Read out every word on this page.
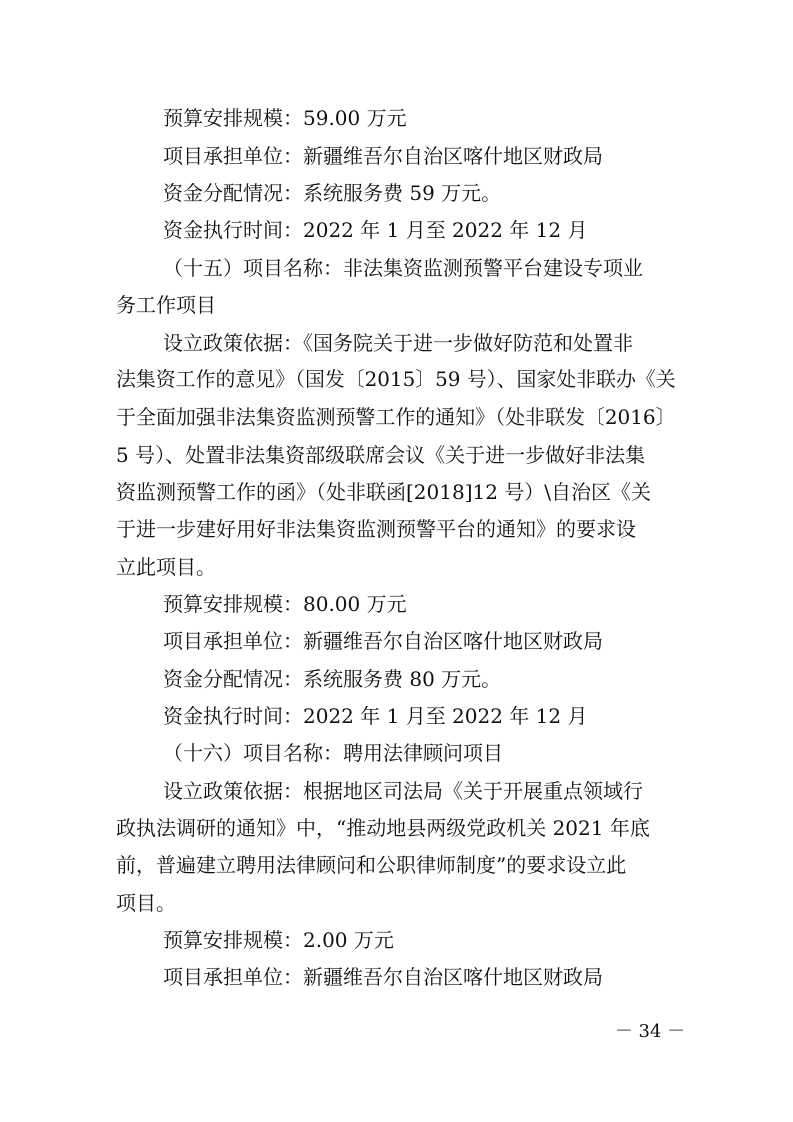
预算安排规模：59.00 万元
项目承担单位：新疆维吾尔自治区喀什地区财政局
资金分配情况：系统服务费 59 万元。
资金执行时间：2022 年 1 月至 2022 年 12 月
（十五）项目名称：非法集资监测预警平台建设专项业
务工作项目
设立政策依据：《国务院关于进一步做好防范和处置非
法集资工作的意见》（国发〔2015〕59 号）、国家处非联办《关
于全面加强非法集资监测预警工作的通知》（处非联发〔2016〕
5 号）、处置非法集资部级联席会议《关于进一步做好非法集
资监测预警工作的函》（处非联函[2018]12 号）\自治区《关
于进一步建好用好非法集资监测预警平台的通知》的要求设
立此项目。
预算安排规模：80.00 万元
项目承担单位：新疆维吾尔自治区喀什地区财政局
资金分配情况：系统服务费 80 万元。
资金执行时间：2022 年 1 月至 2022 年 12 月
（十六）项目名称：聘用法律顾问项目
设立政策依据：根据地区司法局《关于开展重点领域行
政执法调研的通知》中，“推动地县两级党政机关 2021 年底
前，普遍建立聘用法律顾问和公职律师制度”的要求设立此
项目。
预算安排规模：2.00 万元
项目承担单位：新疆维吾尔自治区喀什地区财政局
－ 34 －
